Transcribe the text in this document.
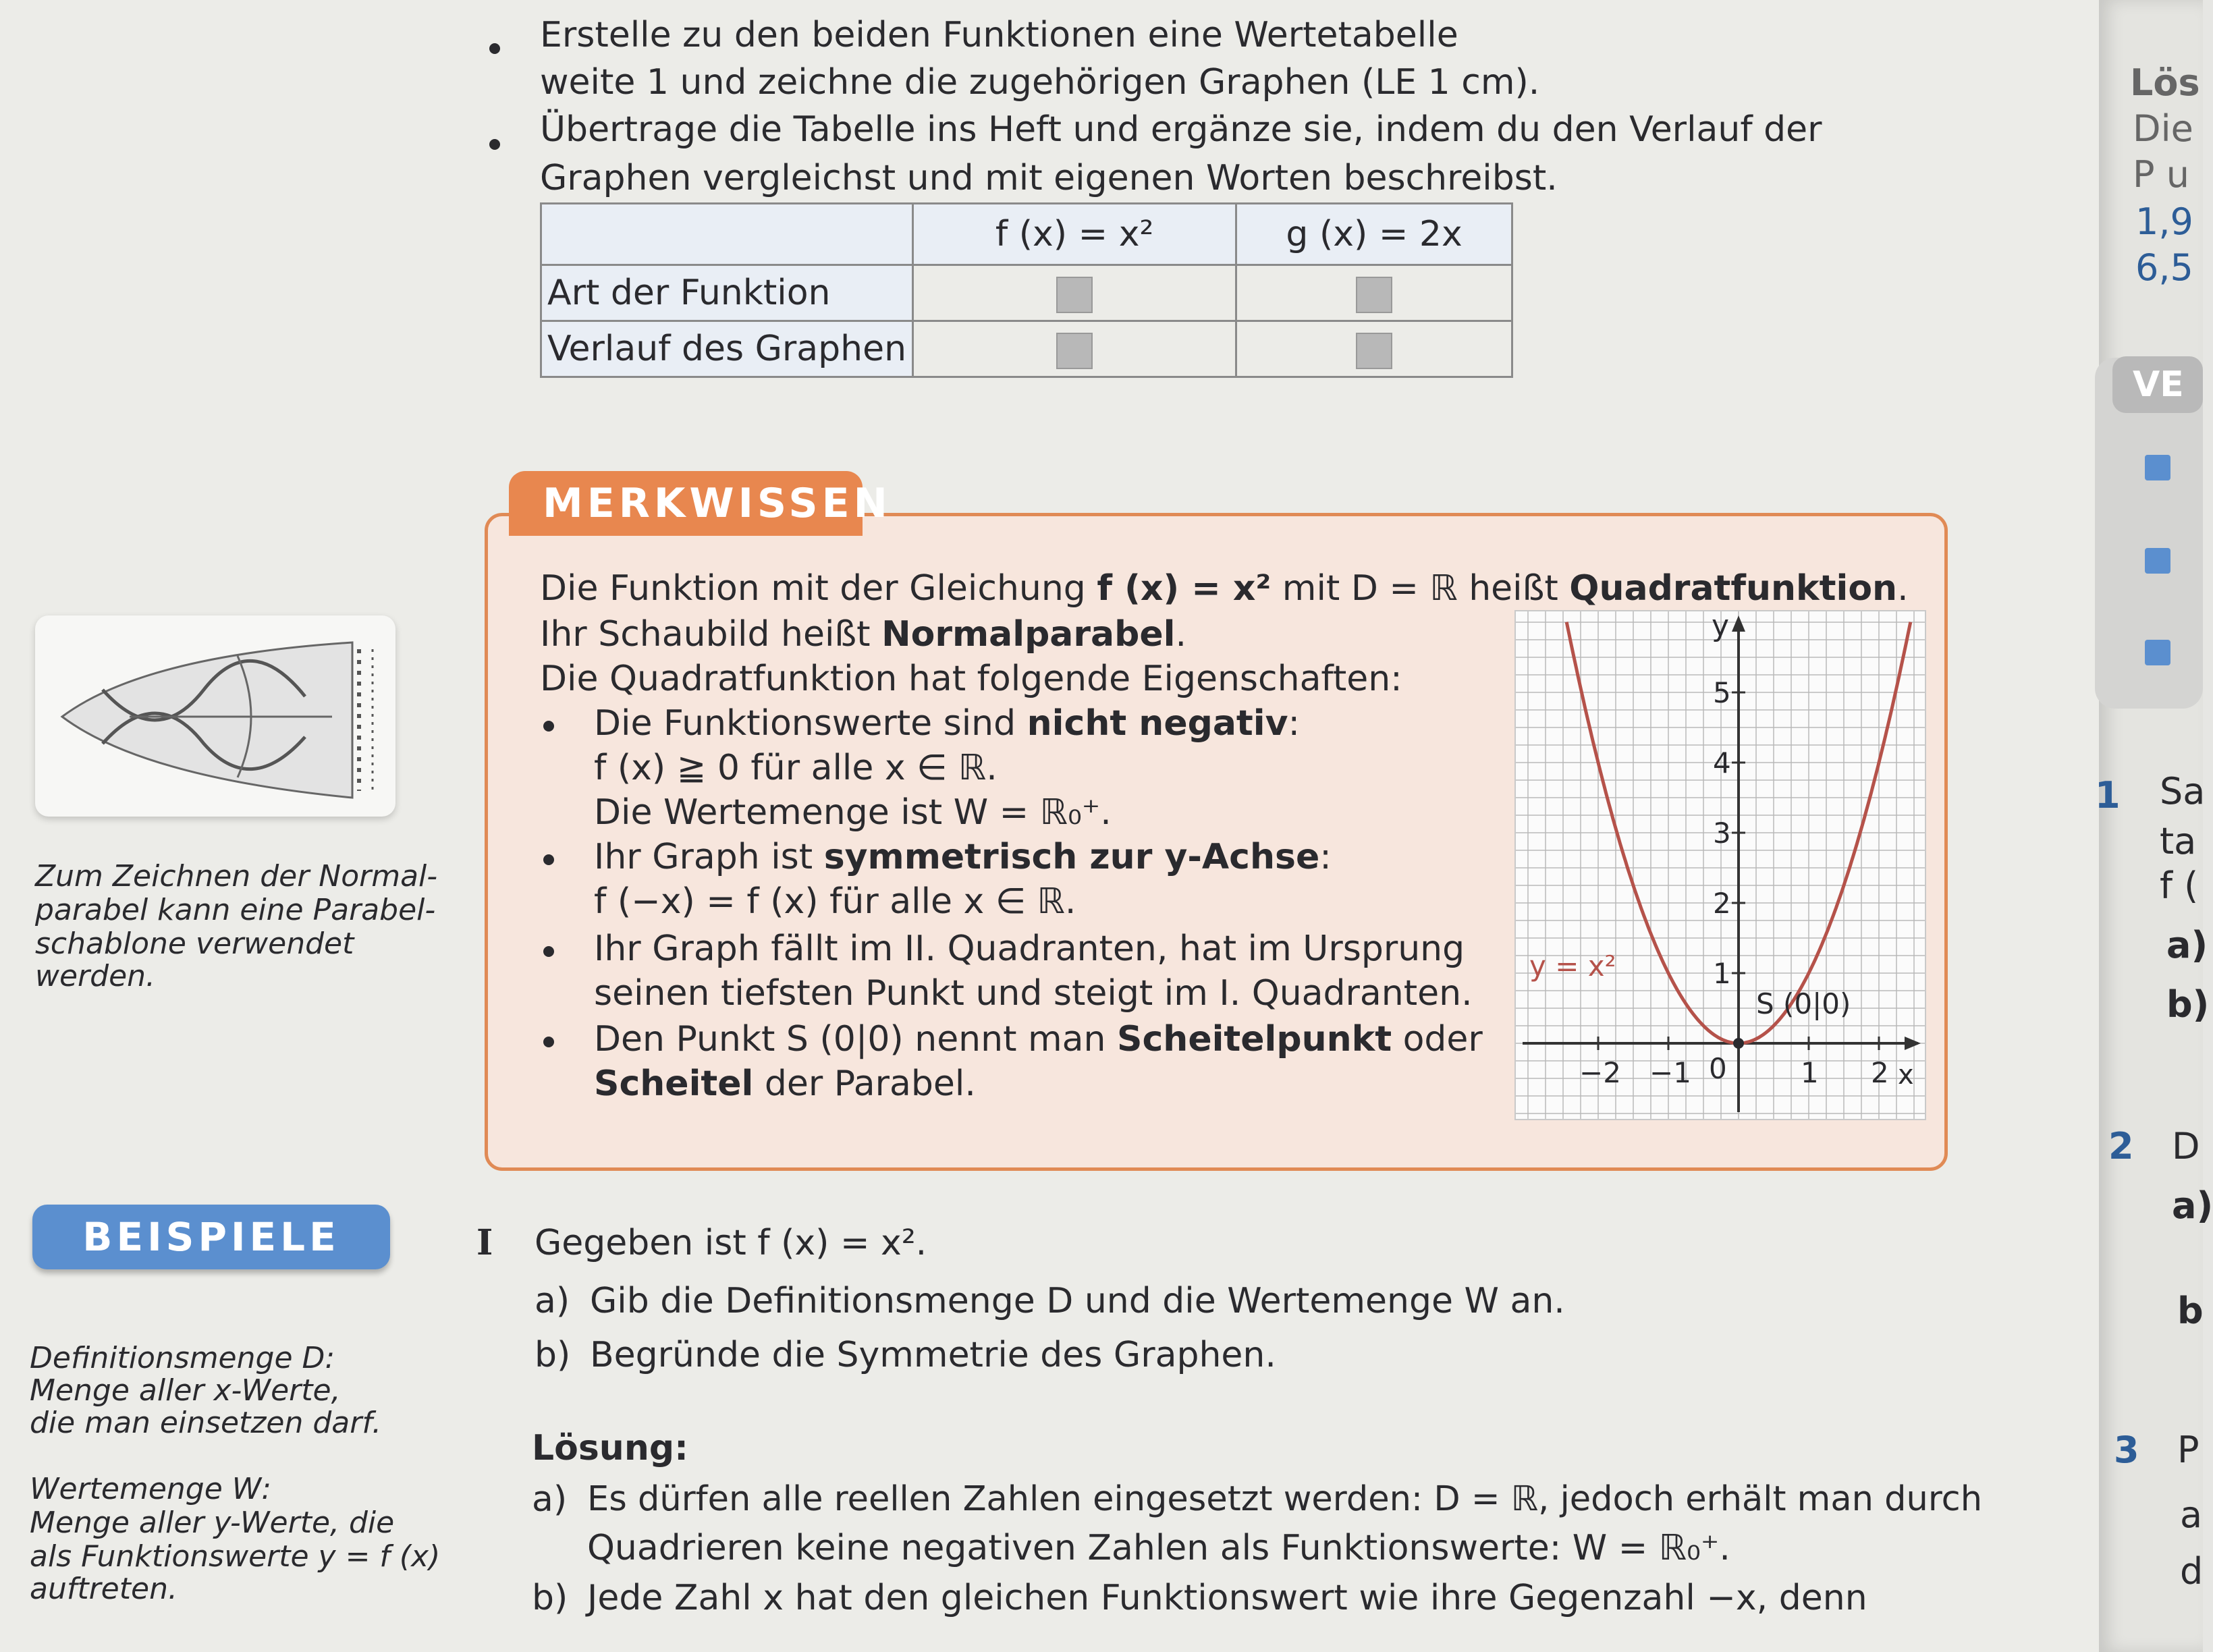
Erstelle zu den beiden Funktionen eine Wertetabelle
weite 1 und zeichne die zugehörigen Graphen (LE 1 cm).
Übertrage die Tabelle ins Heft und ergänze sie, indem du den Verlauf der
Graphen vergleichst und mit eigenen Worten beschreibst.
	f (x) = x²	g (x) = 2x
Art der Funktion		
Verlauf des Graphen		
MERKWISSEN
Die Funktion mit der Gleichung f (x) = x² mit D = ℝ heißt Quadratfunktion.
Ihr Schaubild heißt Normalparabel.
Die Quadratfunktion hat folgende Eigenschaften:
Die Funktionswerte sind nicht negativ:
f (x) ≧ 0 für alle x ∈ ℝ.
Die Wertemenge ist W = ℝ₀⁺.
Ihr Graph ist symmetrisch zur y-Achse:
f (−x) = f (x) für alle x ∈ ℝ.
Ihr Graph fällt im II. Quadranten, hat im Ursprung
seinen tiefsten Punkt und steigt im I. Quadranten.
Den Punkt S (0|0) nennt man Scheitelpunkt oder
Scheitel der Parabel.	−2 −1	1 2
1
2
3
4
5
y
x
y = x²
S (0|0)
0
Zum Zeichnen der Normal-
parabel kann eine Parabel-
schablone verwendet
werden.
BEISPIELE
Definitionsmenge D:
Menge aller x-Werte,
die man einsetzen darf.
Wertemenge W:
Menge aller y-Werte, die
als Funktionswerte y = f (x)
auftreten.
I Gegeben ist f (x) = x².
a) Gib die Definitionsmenge D und die Wertemenge W an.
b) Begründe die Symmetrie des Graphen.
Lösung:
a) Es dürfen alle reellen Zahlen eingesetzt werden: D = ℝ, jedoch erhält man durch
Quadrieren keine negativen Zahlen als Funktionswerte: W = ℝ₀⁺.
b) Jede Zahl x hat den gleichen Funktionswert wie ihre Gegenzahl −x, denn
Lös
Die
P u
1,9
6,5
VE
1 Sa
ta
f (
a)
b)
2 D
a)
b
3 P
a
d
